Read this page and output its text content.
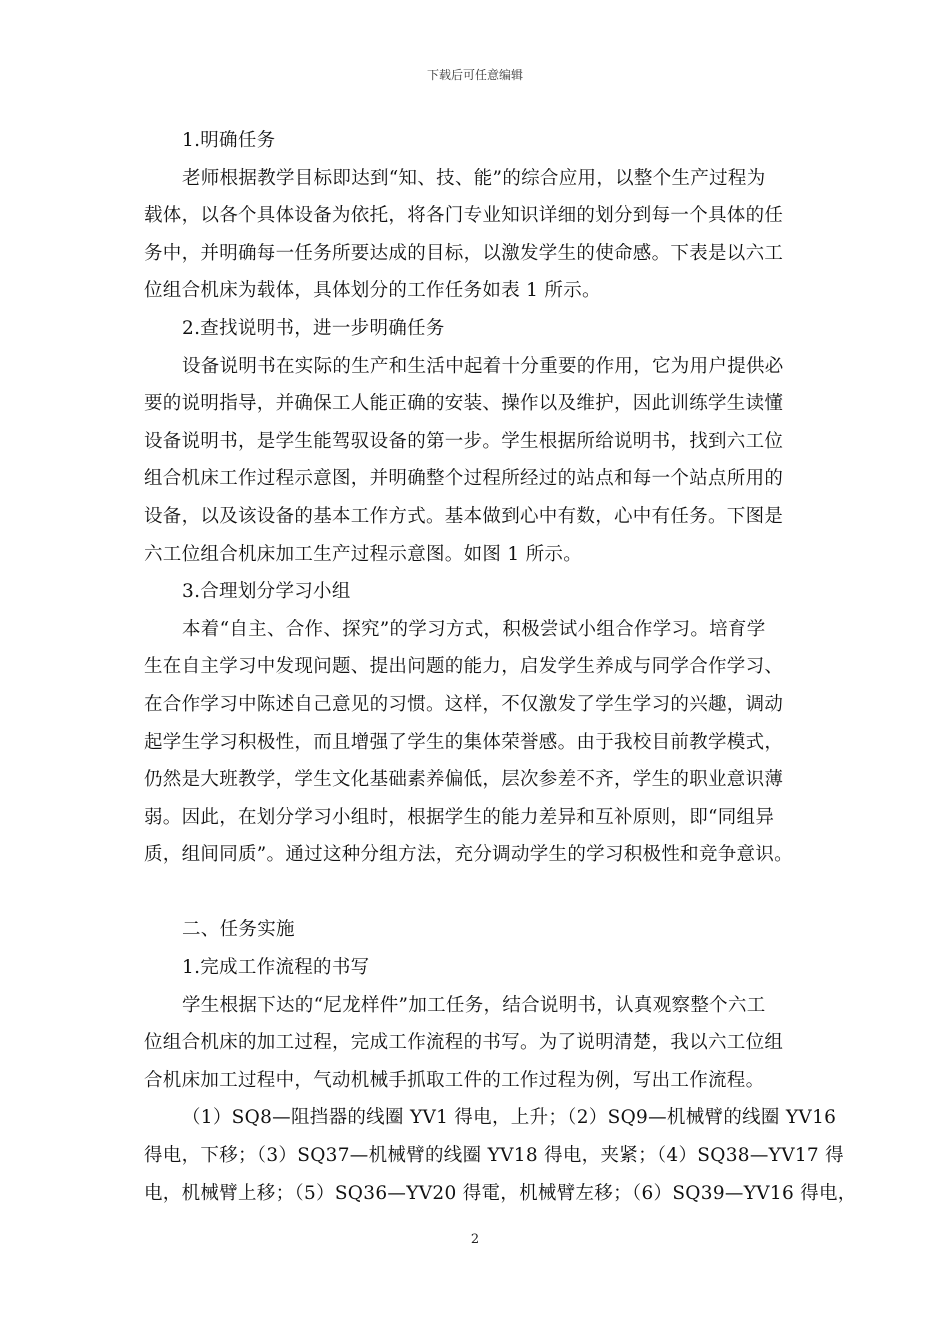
下载后可任意编辑
1.明确任务
老师根据教学目标即达到“知、技、能”的综合应用，以整个生产过程为
载体，以各个具体设备为依托，将各门专业知识详细的划分到每一个具体的任
务中，并明确每一任务所要达成的目标，以激发学生的使命感。下表是以六工
位组合机床为载体，具体划分的工作任务如表 1 所示。
2.查找说明书，进一步明确任务
设备说明书在实际的生产和生活中起着十分重要的作用，它为用户提供必
要的说明指导，并确保工人能正确的安装、操作以及维护，因此训练学生读懂
设备说明书，是学生能驾驭设备的第一步。学生根据所给说明书，找到六工位
组合机床工作过程示意图，并明确整个过程所经过的站点和每一个站点所用的
设备，以及该设备的基本工作方式。基本做到心中有数，心中有任务。下图是
六工位组合机床加工生产过程示意图。如图 1 所示。
3.合理划分学习小组
本着“自主、合作、探究”的学习方式，积极尝试小组合作学习。培育学
生在自主学习中发现问题、提出问题的能力，启发学生养成与同学合作学习、
在合作学习中陈述自己意见的习惯。这样，不仅激发了学生学习的兴趣，调动
起学生学习积极性，而且增强了学生的集体荣誉感。由于我校目前教学模式，
仍然是大班教学，学生文化基础素养偏低，层次参差不齐，学生的职业意识薄
弱。因此，在划分学习小组时，根据学生的能力差异和互补原则，即“同组异
质，组间同质”。通过这种分组方法，充分调动学生的学习积极性和竞争意识。
二、任务实施
1.完成工作流程的书写
学生根据下达的“尼龙样件”加工任务，结合说明书，认真观察整个六工
位组合机床的加工过程，完成工作流程的书写。为了说明清楚，我以六工位组
合机床加工过程中，气动机械手抓取工件的工作过程为例，写出工作流程。
（1）SQ8—阻挡器的线圈 YV1 得电，上升；（2）SQ9—机械臂的线圈 YV16
得电，下移；（3）SQ37—机械臂的线圈 YV18 得电，夹紧；（4）SQ38—YV17 得
电，机械臂上移；（5）SQ36—YV20 得電，机械臂左移；（6）SQ39—YV16 得电，
2
